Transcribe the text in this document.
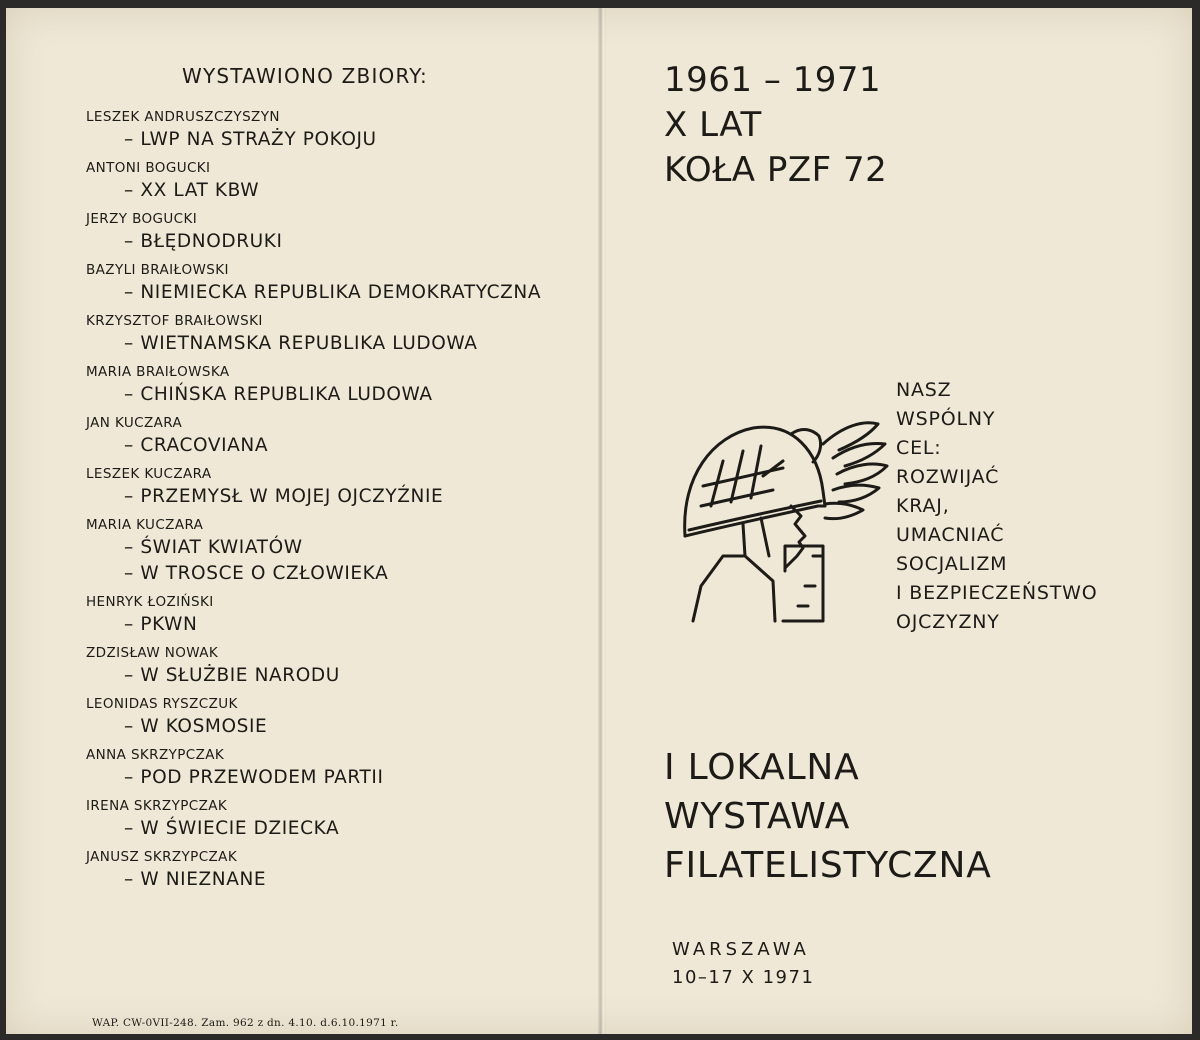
WYSTAWIONO ZBIORY:
LESZEK ANDRUSZCZYSZYN
– LWP NA STRAŻY POKOJU
ANTONI BOGUCKI
– XX LAT KBW
JERZY BOGUCKI
– BŁĘDNODRUKI
BAZYLI BRAIŁOWSKI
– NIEMIECKA REPUBLIKA DEMOKRATYCZNA
KRZYSZTOF BRAIŁOWSKI
– WIETNAMSKA REPUBLIKA LUDOWA
MARIA BRAIŁOWSKA
– CHIŃSKA REPUBLIKA LUDOWA
JAN KUCZARA
– CRACOVIANA
LESZEK KUCZARA
– PRZEMYSŁ W MOJEJ OJCZYŹNIE
MARIA KUCZARA
– ŚWIAT KWIATÓW
– W TROSCE O CZŁOWIEKA
HENRYK ŁOZIŃSKI
– PKWN
ZDZISŁAW NOWAK
– W SŁUŻBIE NARODU
LEONIDAS RYSZCZUK
– W KOSMOSIE
ANNA SKRZYPCZAK
– POD PRZEWODEM PARTII
IRENA SKRZYPCZAK
– W ŚWIECIE DZIECKA
JANUSZ SKRZYPCZAK
– W NIEZNANE
WAP. CW-0VII-248. Zam. 962 z dn. 4.10. d.6.10.1971 r.
1961 – 1971
X LAT
KOŁA PZF 72
NASZ
WSPÓLNY
CEL:
ROZWIJAĆ
KRAJ,
UMACNIAĆ
SOCJALIZM
I BEZPIECZEŃSTWO
OJCZYZNY
I LOKALNA
WYSTAWA
FILATELISTYCZNA
WARSZAWA
10–17 X 1971
